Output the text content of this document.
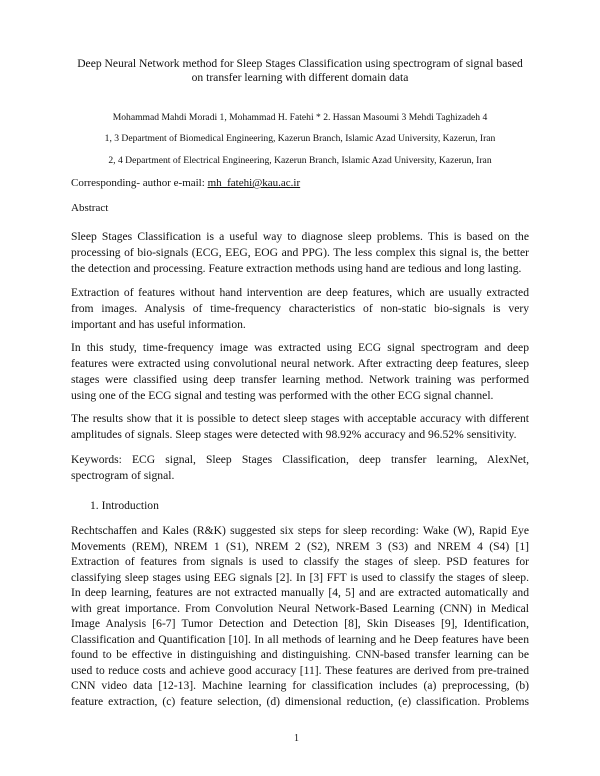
Deep Neural Network method for Sleep Stages Classification using spectrogram of signal based
on transfer learning with different domain data
Mohammad Mahdi Moradi 1, Mohammad H. Fatehi * 2. Hassan Masoumi 3 Mehdi Taghizadeh 4
1, 3 Department of Biomedical Engineering, Kazerun Branch, Islamic Azad University, Kazerun, Iran
2, 4 Department of Electrical Engineering, Kazerun Branch, Islamic Azad University, Kazerun, Iran
Corresponding- author e-mail: mh_fatehi@kau.ac.ir
Abstract
Sleep Stages Classification is a useful way to diagnose sleep problems. This is based on the
processing of bio-signals (ECG, EEG, EOG and PPG). The less complex this signal is, the better
the detection and processing. Feature extraction methods using hand are tedious and long lasting.
Extraction of features without hand intervention are deep features, which are usually extracted
from images. Analysis of time-frequency characteristics of non-static bio-signals is very
important and has useful information.
In this study, time-frequency image was extracted using ECG signal spectrogram and deep
features were extracted using convolutional neural network. After extracting deep features, sleep
stages were classified using deep transfer learning method. Network training was performed
using one of the ECG signal and testing was performed with the other ECG signal channel.
The results show that it is possible to detect sleep stages with acceptable accuracy with different
amplitudes of signals. Sleep stages were detected with 98.92% accuracy and 96.52% sensitivity.
Keywords: ECG signal, Sleep Stages Classification, deep transfer learning, AlexNet,
spectrogram of signal.
1. Introduction
Rechtschaffen and Kales (R&K) suggested six steps for sleep recording: Wake (W), Rapid Eye
Movements (REM), NREM 1 (S1), NREM 2 (S2), NREM 3 (S3) and NREM 4 (S4) [1]
Extraction of features from signals is used to classify the stages of sleep. PSD features for
classifying sleep stages using EEG signals [2]. In [3] FFT is used to classify the stages of sleep.
In deep learning, features are not extracted manually [4, 5] and are extracted automatically and
with great importance. From Convolution Neural Network-Based Learning (CNN) in Medical
Image Analysis [6-7] Tumor Detection and Detection [8], Skin Diseases [9], Identification,
Classification and Quantification [10]. In all methods of learning and he Deep features have been
found to be effective in distinguishing and distinguishing. CNN-based transfer learning can be
used to reduce costs and achieve good accuracy [11]. These features are derived from pre-trained
CNN video data [12-13]. Machine learning for classification includes (a) preprocessing, (b)
feature extraction, (c) feature selection, (d) dimensional reduction, (e) classification. Problems
1
